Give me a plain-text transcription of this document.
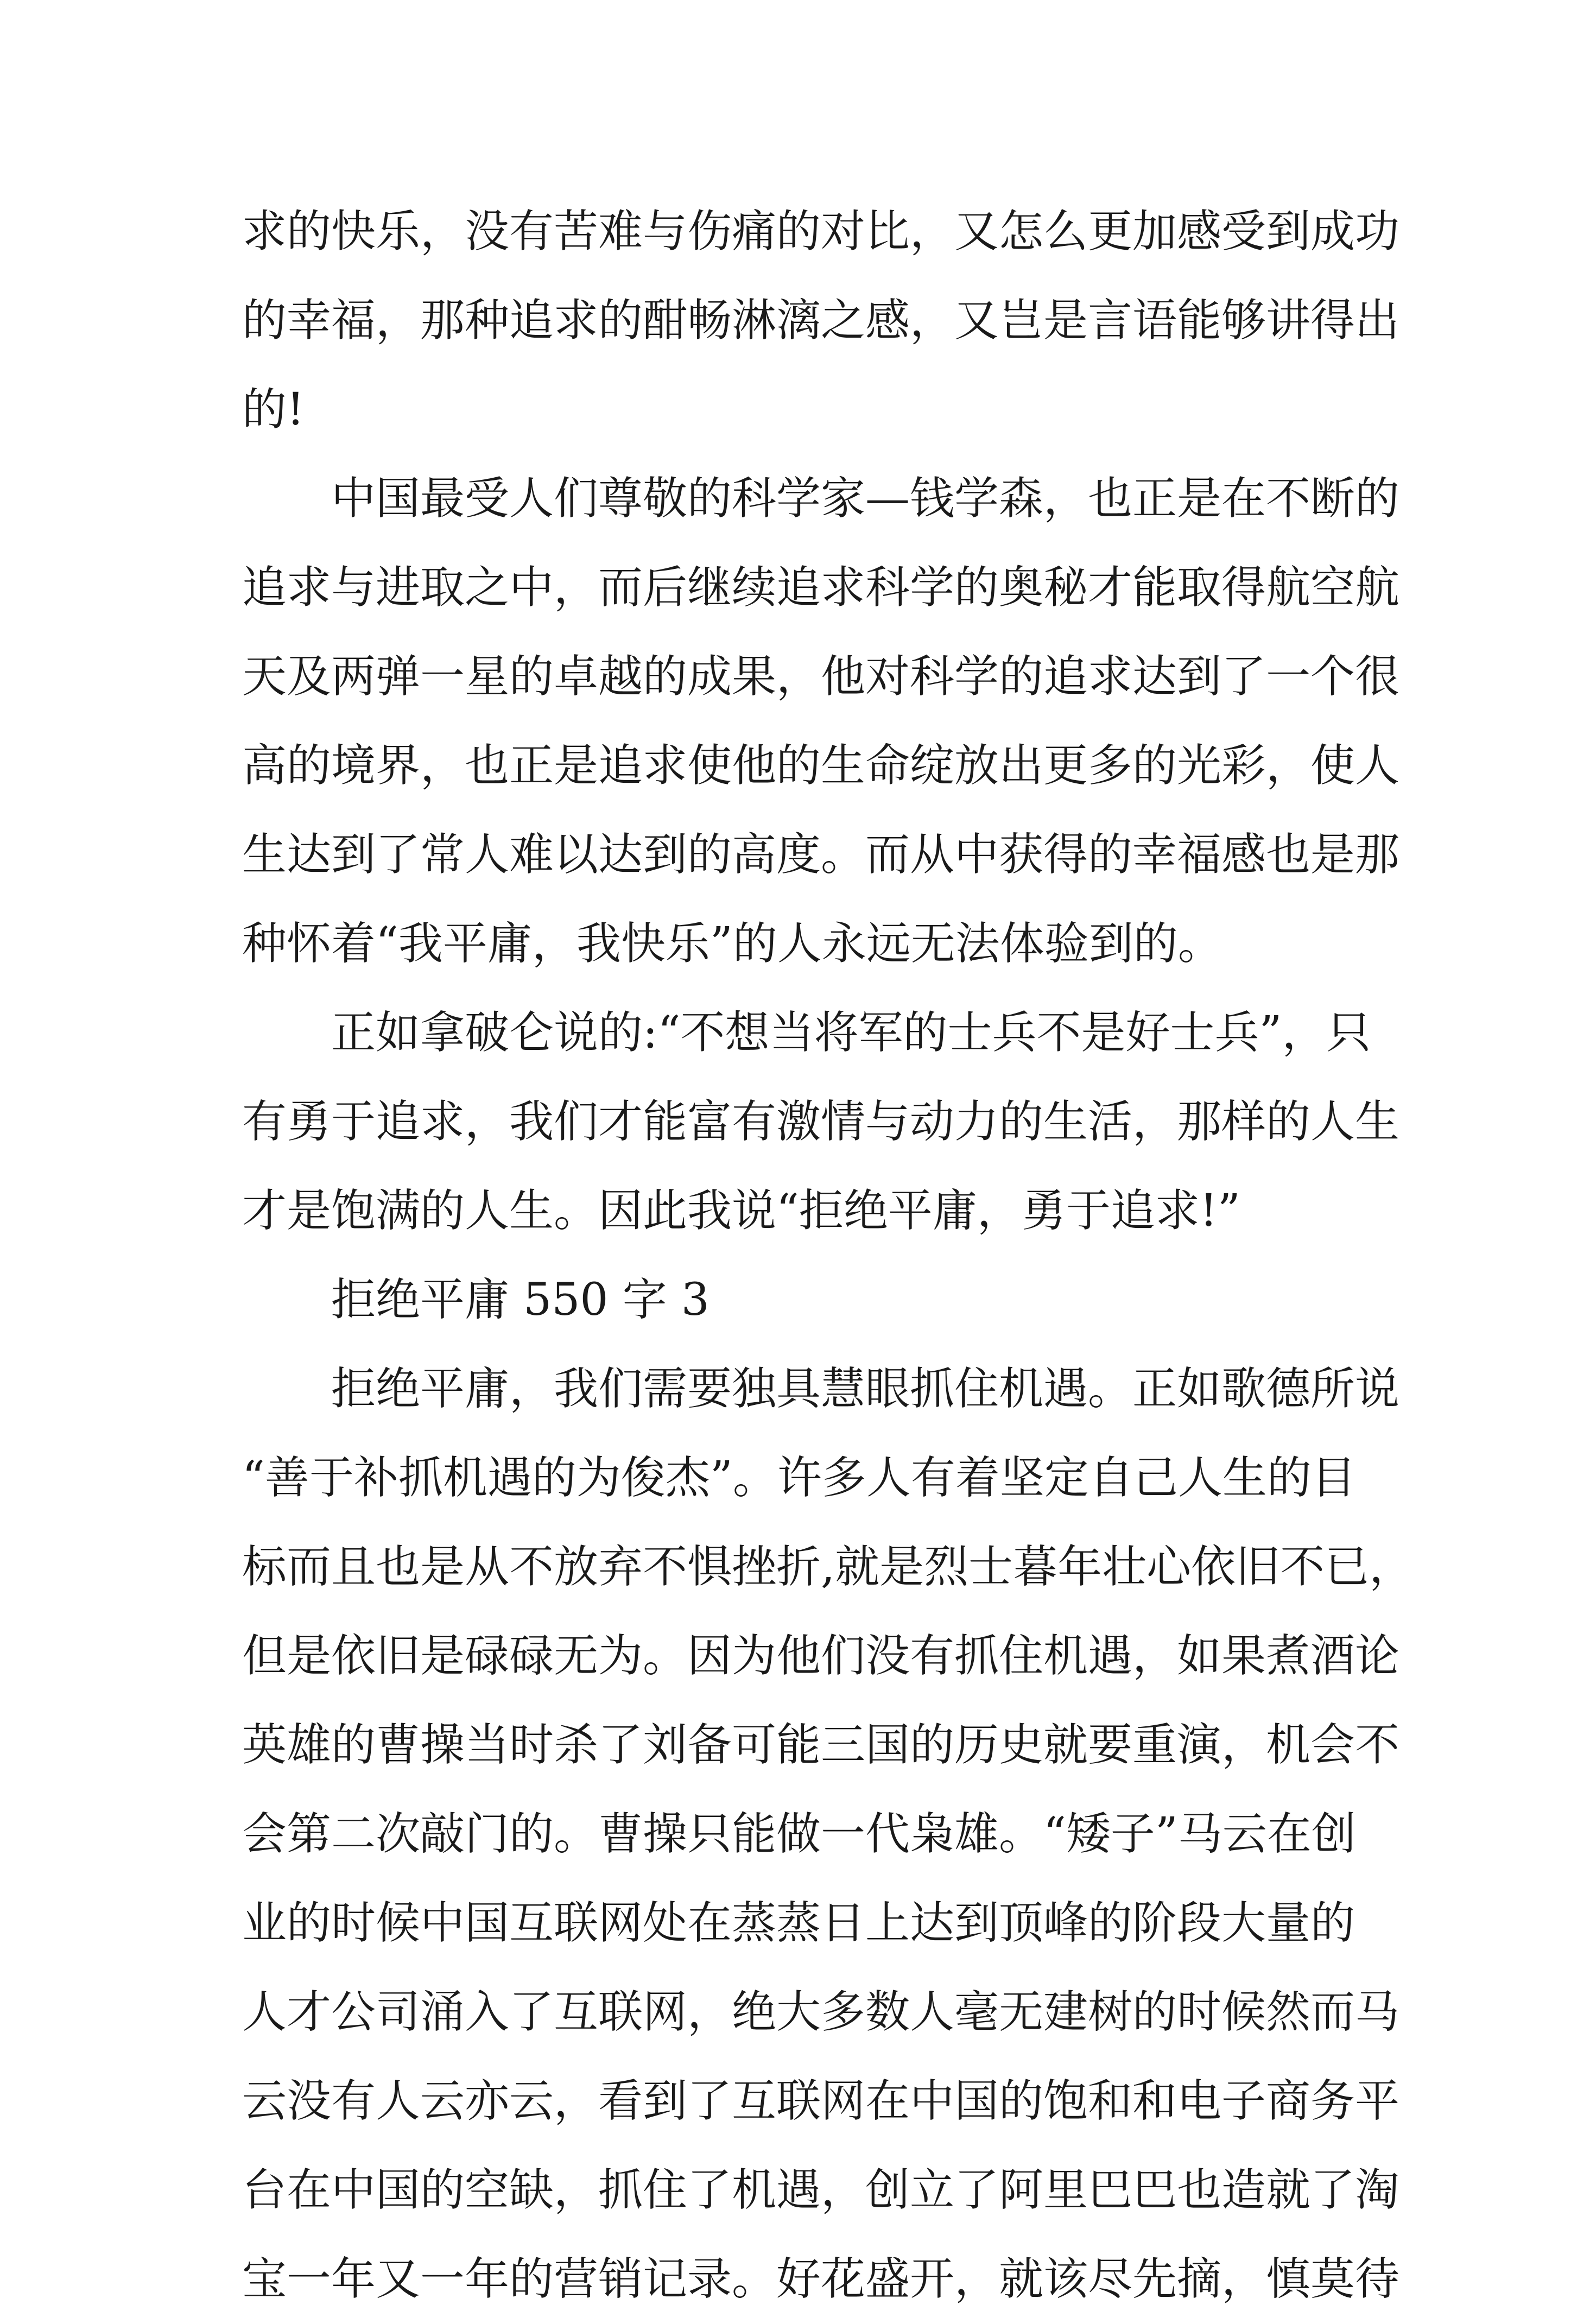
求的快乐，没有苦难与伤痛的对比，又怎么更加感受到成功
的幸福，那种追求的酣畅淋漓之感，又岂是言语能够讲得出
的!
中国最受人们尊敬的科学家—钱学森，也正是在不断的
追求与进取之中，而后继续追求科学的奥秘才能取得航空航
天及两弹一星的卓越的成果，他对科学的追求达到了一个很
高的境界，也正是追求使他的生命绽放出更多的光彩，使人
生达到了常人难以达到的高度。而从中获得的幸福感也是那
种怀着“我平庸，我快乐”的人永远无法体验到的。
正如拿破仑说的:“不想当将军的士兵不是好士兵”，只
有勇于追求，我们才能富有激情与动力的生活，那样的人生
才是饱满的人生。因此我说“拒绝平庸，勇于追求!”
拒绝平庸 550 字 3
拒绝平庸，我们需要独具慧眼抓住机遇。正如歌德所说
“善于补抓机遇的为俊杰”。许多人有着坚定自己人生的目
标而且也是从不放弃不惧挫折,就是烈士暮年壮心依旧不已，
但是依旧是碌碌无为。因为他们没有抓住机遇，如果煮酒论
英雄的曹操当时杀了刘备可能三国的历史就要重演，机会不
会第二次敲门的。曹操只能做一代枭雄。“矮子”马云在创
业的时候中国互联网处在蒸蒸日上达到顶峰的阶段大量的
人才公司涌入了互联网，绝大多数人毫无建树的时候然而马
云没有人云亦云，看到了互联网在中国的饱和和电子商务平
台在中国的空缺，抓住了机遇，创立了阿里巴巴也造就了淘
宝一年又一年的营销记录。好花盛开，就该尽先摘，慎莫待
